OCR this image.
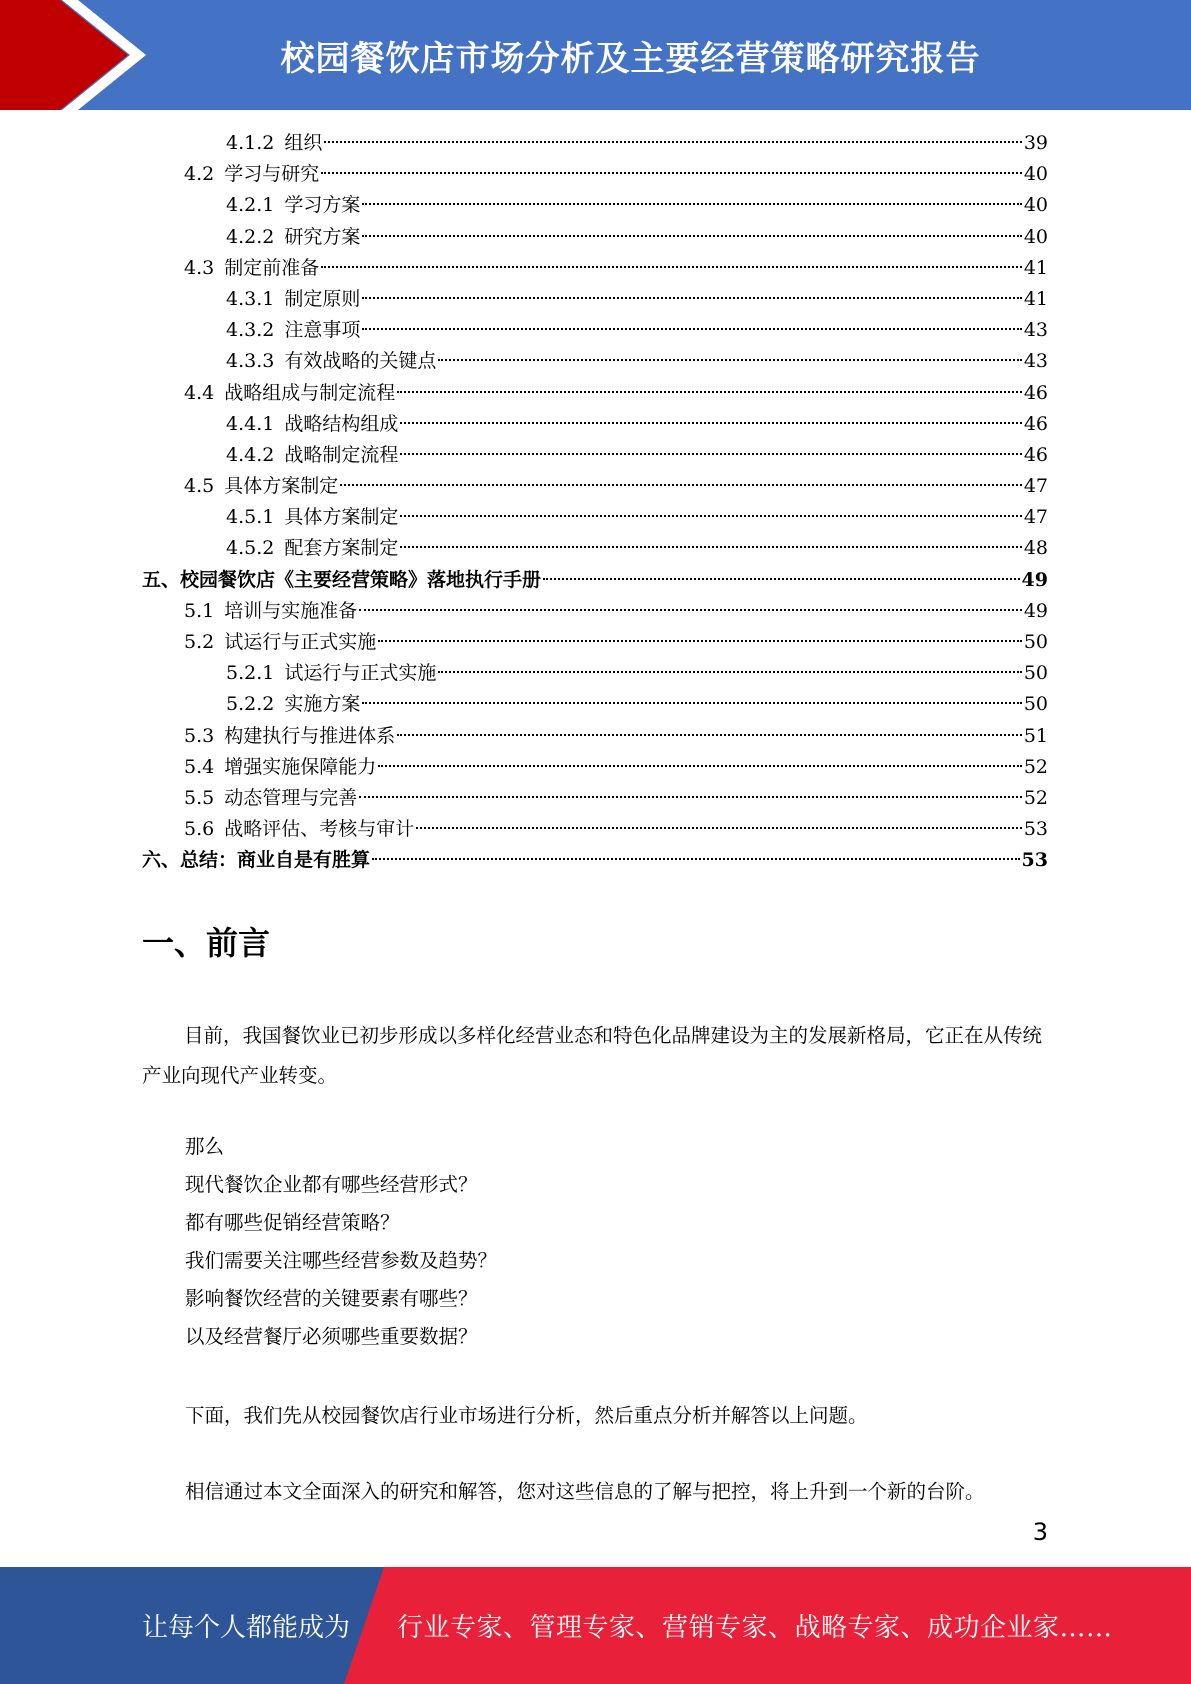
校园餐饮店市场分析及主要经营策略研究报告
4.1.2 组织	39
4.2 学习与研究	40
4.2.1 学习方案	40
4.2.2 研究方案	40
4.3 制定前准备	41
4.3.1 制定原则	41
4.3.2 注意事项	43
4.3.3 有效战略的关键点	43
4.4 战略组成与制定流程	46
4.4.1 战略结构组成	46
4.4.2 战略制定流程	46
4.5 具体方案制定	47
4.5.1 具体方案制定	47
4.5.2 配套方案制定	48
五、校园餐饮店《主要经营策略》落地执行手册	49
5.1 培训与实施准备	49
5.2 试运行与正式实施	50
5.2.1 试运行与正式实施	50
5.2.2 实施方案	50
5.3 构建执行与推进体系	51
5.4 增强实施保障能力	52
5.5 动态管理与完善	52
5.6 战略评估、考核与审计	53
六、总结：商业自是有胜算	53
一、前言

目前，我国餐饮业已初步形成以多样化经营业态和特色化品牌建设为主的发展新格局，它正在从传统产业向现代产业转变。

那么
现代餐饮企业都有哪些经营形式？
都有哪些促销经营策略？
我们需要关注哪些经营参数及趋势？
影响餐饮经营的关键要素有哪些？
以及经营餐厅必须哪些重要数据？

下面，我们先从校园餐饮店行业市场进行分析，然后重点分析并解答以上问题。

相信通过本文全面深入的研究和解答，您对这些信息的了解与把控，将上升到一个新的台阶。

3
让每个人都能成为 行业专家、管理专家、营销专家、战略专家、成功企业家……
